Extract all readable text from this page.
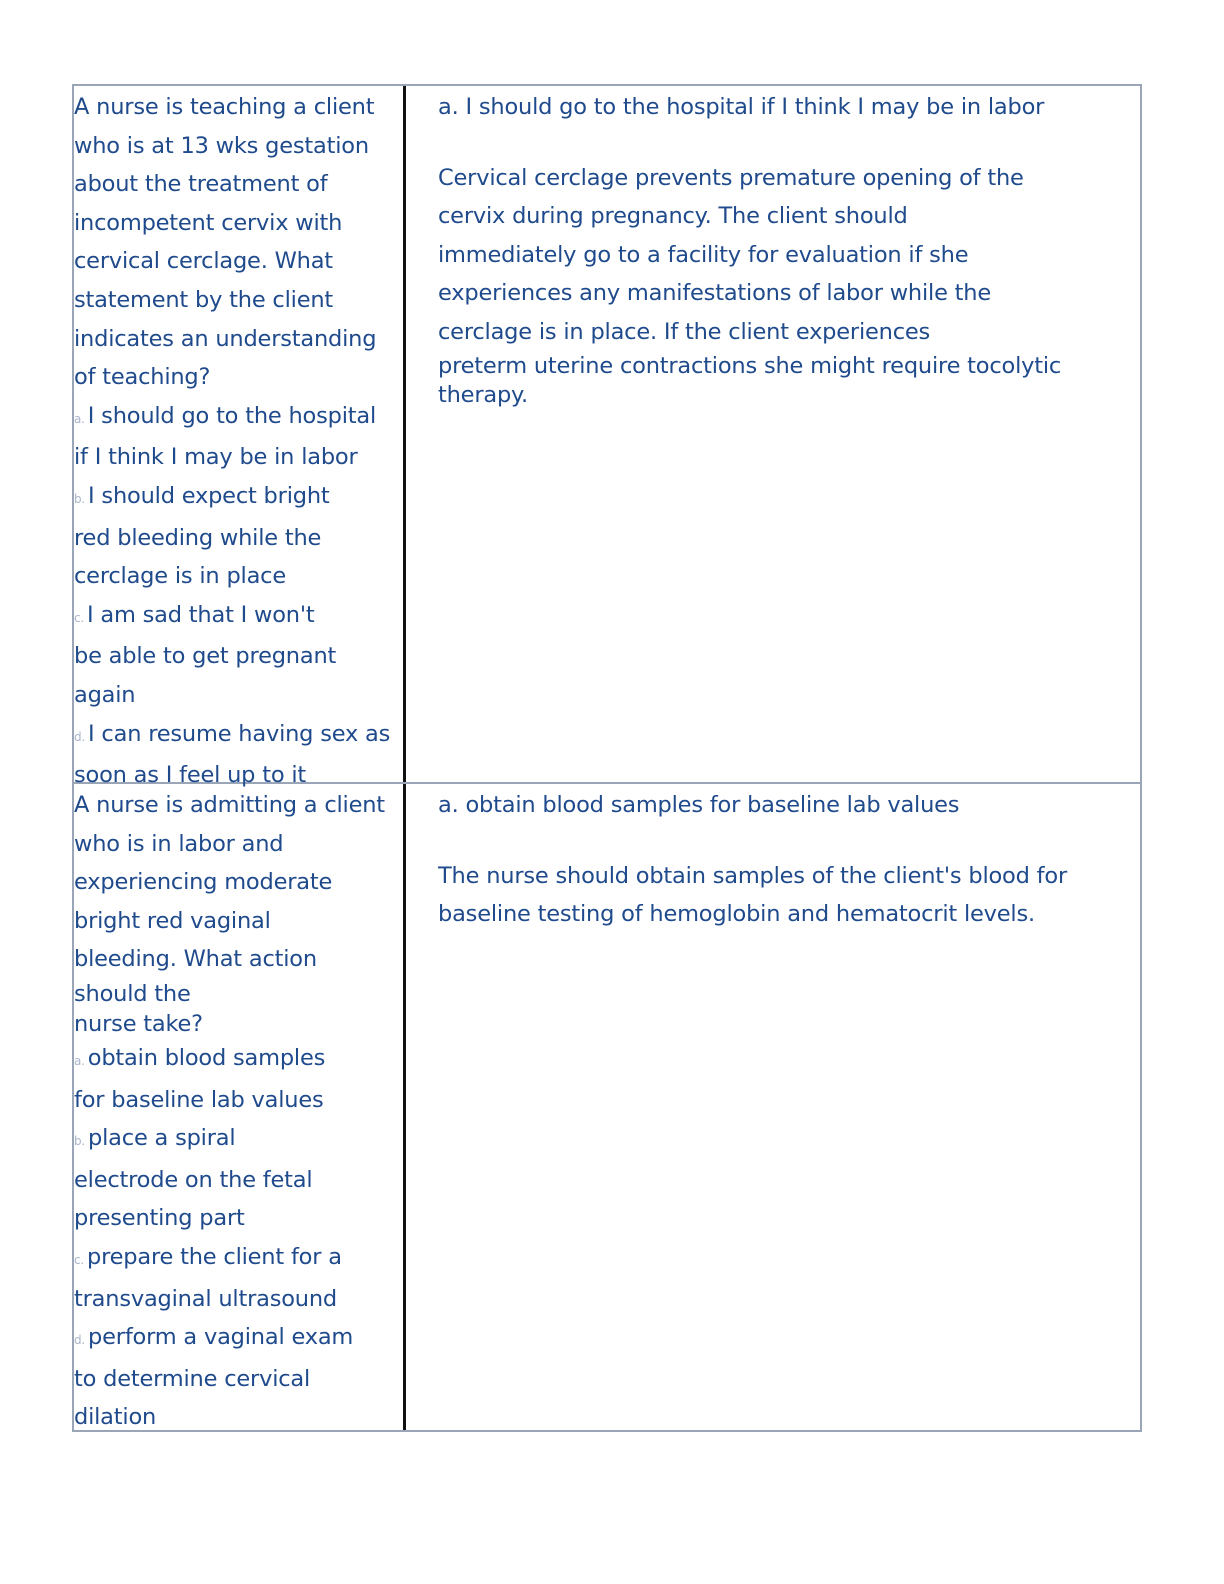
A nurse is teaching a client

who is at 13 wks gestation

about the treatment of

incompetent cervix with

cervical cerclage. What

statement by the client

indicates an understanding

of teaching?

a. I should go to the hospital

if I think I may be in labor

b. I should expect bright

red bleeding while the

cerclage is in place

c. I am sad that I won't

be able to get pregnant

again

d. I can resume having sex as

soon as I feel up to it

a. I should go to the hospital if I think I may be in labor

Cervical cerclage prevents premature opening of the

cervix during pregnancy. The client should

immediately go to a facility for evaluation if she

experiences any manifestations of labor while the

cerclage is in place. If the client experiences

preterm uterine contractions she might require tocolytic therapy.

A nurse is admitting a client

who is in labor and

experiencing moderate

bright red vaginal

bleeding. What action

should the

nurse take?

a. obtain blood samples

for baseline lab values

b. place a spiral

electrode on the fetal

presenting part

c. prepare the client for a

transvaginal ultrasound

d. perform a vaginal exam

to determine cervical

dilation

a. obtain blood samples for baseline lab values

The nurse should obtain samples of the client's blood for

baseline testing of hemoglobin and hematocrit levels.
